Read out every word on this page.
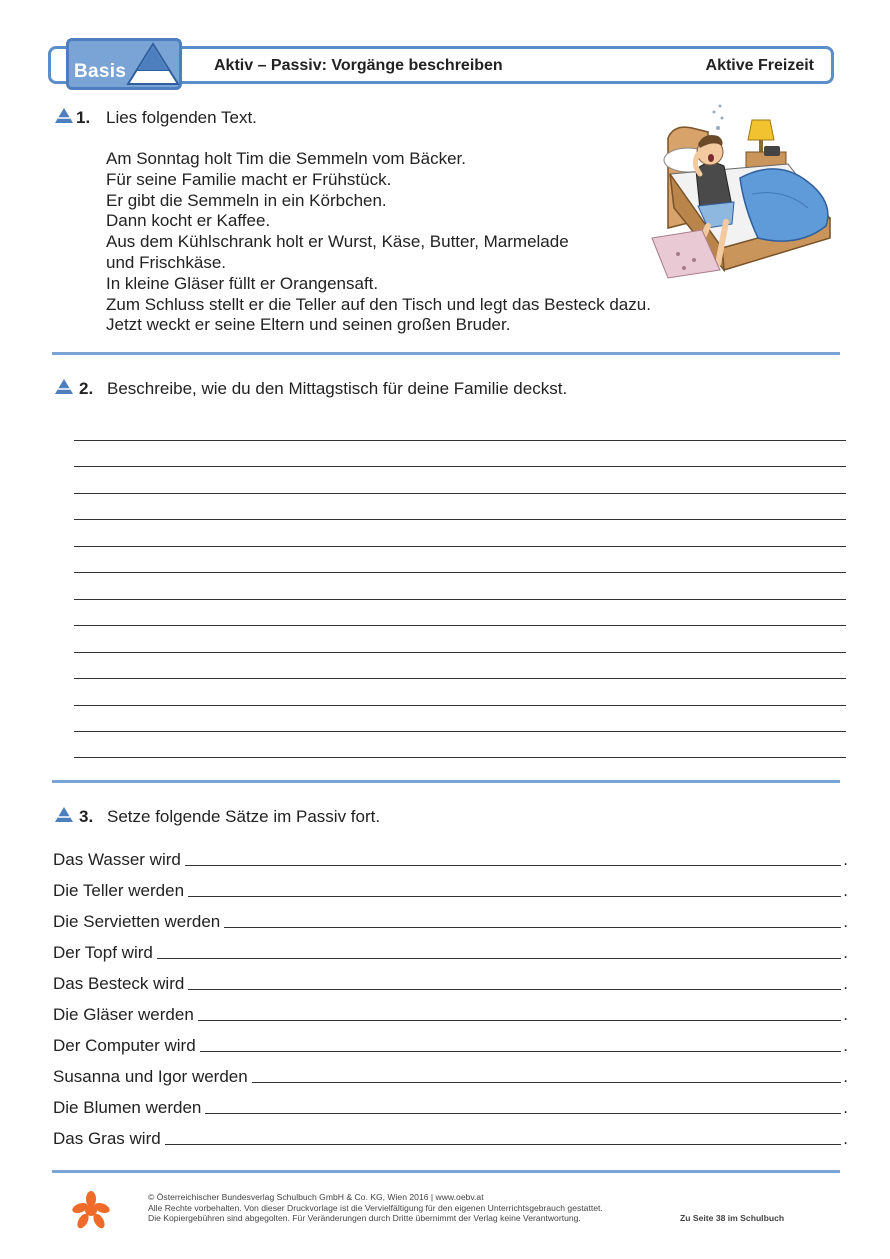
Basis	Aktiv – Passiv: Vorgänge beschreiben	Aktive Freizeit
1. Lies folgenden Text.
Am Sonntag holt Tim die Semmeln vom Bäcker.
Für seine Familie macht er Frühstück.
Er gibt die Semmeln in ein Körbchen.
Dann kocht er Kaffee.
Aus dem Kühlschrank holt er Wurst, Käse, Butter, Marmelade
und Frischkäse.
In kleine Gläser füllt er Orangensaft.
Zum Schluss stellt er die Teller auf den Tisch und legt das Besteck dazu.
Jetzt weckt er seine Eltern und seinen großen Bruder.
2. Beschreibe, wie du den Mittagstisch für deine Familie deckst.
3. Setze folgende Sätze im Passiv fort.
Das Wasser wird	.
Die Teller werden	.
Die Servietten werden	.
Der Topf wird	.
Das Besteck wird	.
Die Gläser werden	.
Der Computer wird	.
Susanna und Igor werden	.
Die Blumen werden	.
Das Gras wird	.
© Österreichischer Bundesverlag Schulbuch GmbH & Co. KG, Wien 2016 | www.oebv.at
Alle Rechte vorbehalten. Von dieser Druckvorlage ist die Vervielfältigung für den eigenen Unterrichtsgebrauch gestattet.
Die Kopiergebühren sind abgegolten. Für Veränderungen durch Dritte übernimmt der Verlag keine Verantwortung.	Zu Seite 38 im Schulbuch
